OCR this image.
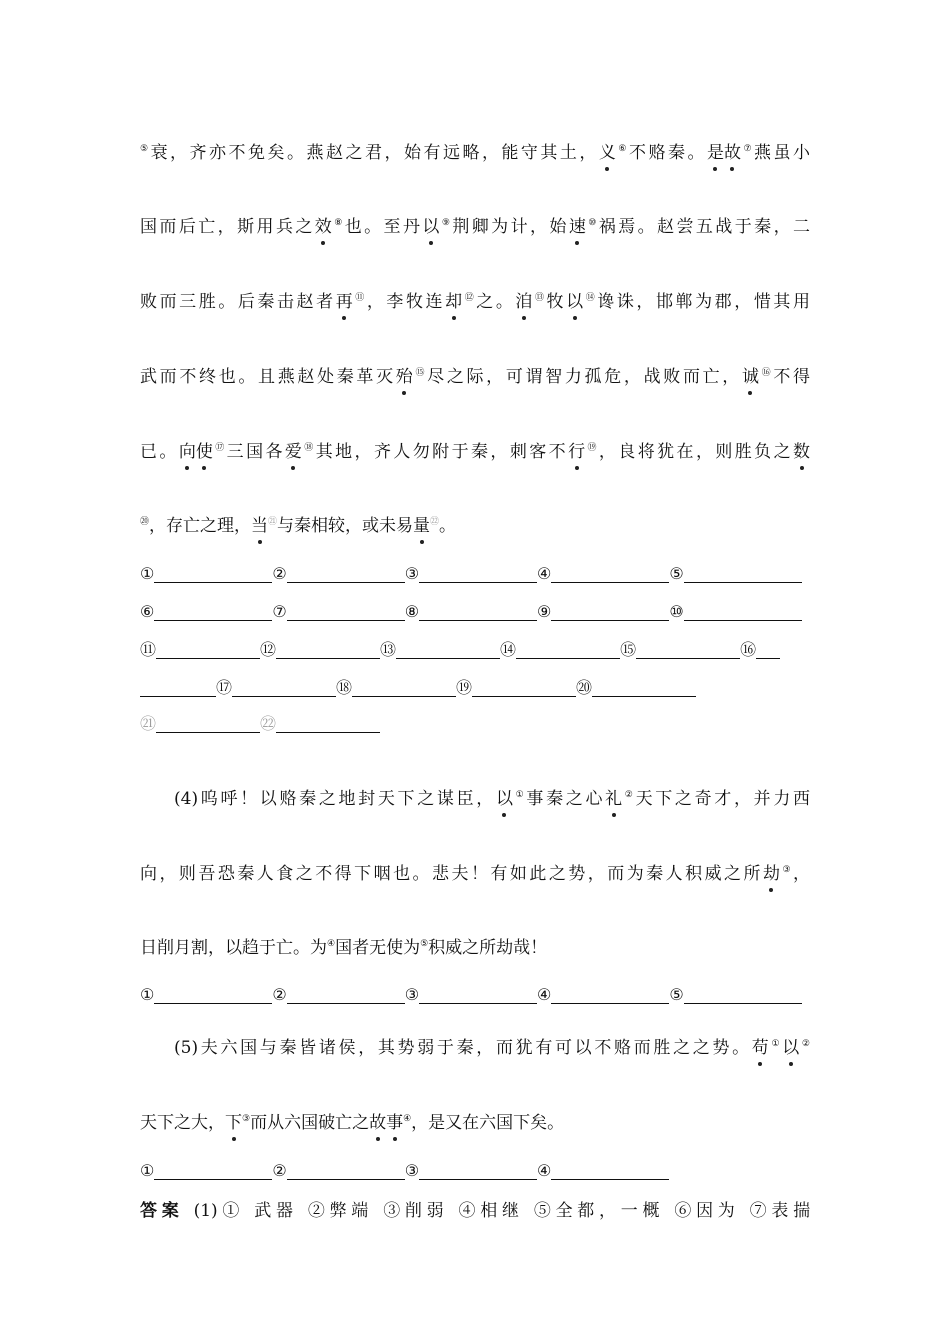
⑤衰，齐亦不免矣。燕赵之君，始有远略，能守其土，义⑥不赂秦。是故⑦燕虽小
国而后亡，斯用兵之效⑧也。至丹以⑨荆卿为计，始速⑩祸焉。赵尝五战于秦，二
败而三胜。后秦击赵者再⑪，李牧连却⑫之。洎⑬牧以⑭谗诛，邯郸为郡，惜其用
武而不终也。且燕赵处秦革灭殆⑮尽之际，可谓智力孤危，战败而亡，诚⑯不得
已。向使⑰三国各爱⑱其地，齐人勿附于秦，刺客不行⑲，良将犹在，则胜负之数
⑳，存亡之理，当$^㉑$与秦相较，或未易量$^㉒$。
①	②	③	④	⑤
⑥	⑦	⑧	⑨	⑩
⑪	⑫	⑬	⑭	⑮	⑯
⑰	⑱	⑲	⑳
㉑	㉒
(4)呜呼！以赂秦之地封天下之谋臣，以①事秦之心礼②天下之奇才，并力西
向，则吾恐秦人食之不得下咽也。悲夫！有如此之势，而为秦人积威之所劫③，
日削月割，以趋于亡。为④国者无使为⑤积威之所劫哉！
①	②	③	④	⑤
(5)夫六国与秦皆诸侯，其势弱于秦，而犹有可以不赂而胜之之势。苟①以②
天下之大，下③而从六国破亡之故事④，是又在六国下矣。
①	②	③	④
答案 (1)① 武器 ②弊端 ③削弱 ④相继 ⑤全都，一概 ⑥因为 ⑦表揣
